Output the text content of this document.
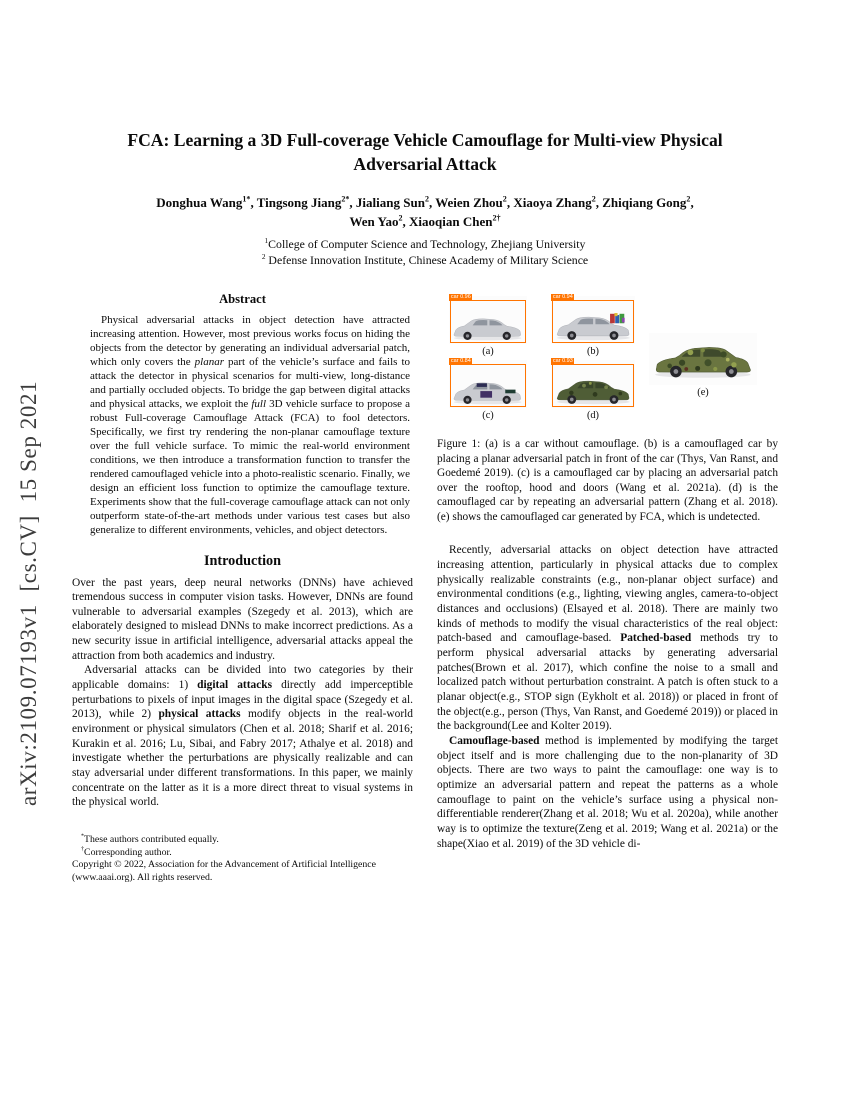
arXiv:2109.07193v1  [cs.CV]  15 Sep 2021
FCA: Learning a 3D Full-coverage Vehicle Camouflage for Multi-view Physical
Adversarial Attack
Donghua Wang$^{1*}$, Tingsong Jiang$^{2*}$, Jialiang Sun$^2$, Weien Zhou$^2$, Xiaoya Zhang$^2$, Zhiqiang Gong$^2$,
Wen Yao$^2$, Xiaoqian Chen$^{2\dagger}$
$^1$College of Computer Science and Technology, Zhejiang University
$^2$ Defense Innovation Institute, Chinese Academy of Military Science
Abstract

Physical adversarial attacks in object detection have attracted increasing attention. However, most previous works focus on hiding the objects from the detector by generating an individual adversarial patch, which only covers the planar part of the vehicle’s surface and fails to attack the detector in physical scenarios for multi-view, long-distance and partially occluded objects. To bridge the gap between digital attacks and physical attacks, we exploit the full 3D vehicle surface to propose a robust Full-coverage Camouflage Attack (FCA) to fool detectors. Specifically, we first try rendering the non-planar camouflage texture over the full vehicle surface. To mimic the real-world environment conditions, we then introduce a transformation function to transfer the rendered camouflaged vehicle into a photo-realistic scenario. Finally, we design an efficient loss function to optimize the camouflage texture. Experiments show that the full-coverage camouflage attack can not only outperform state-of-the-art methods under various test cases but also generalize to different environments, vehicles, and object detectors.

Introduction

Over the past years, deep neural networks (DNNs) have achieved tremendous success in computer vision tasks. However, DNNs are found vulnerable to adversarial examples (Szegedy et al. 2013), which are elaborately designed to mislead DNNs to make incorrect predictions. As a new security issue in artificial intelligence, adversarial attacks appeal the attraction from both academics and industry.

Adversarial attacks can be divided into two categories by their applicable domains: 1) digital attacks directly add imperceptible perturbations to pixels of input images in the digital space (Szegedy et al. 2013), while 2) physical attacks modify objects in the real-world environment or physical simulators (Chen et al. 2018; Sharif et al. 2016; Kurakin et al. 2016; Lu, Sibai, and Fabry 2017; Athalye et al. 2018) and investigate whether the perturbations are physically realizable and can stay adversarial under different transformations. In this paper, we mainly concentrate on the latter as it is a more direct threat to visual systems in the physical world.

*These authors contributed equally.
†Corresponding author.
Copyright © 2022, Association for the Advancement of Artificial Intelligence (www.aaai.org). All rights reserved.
car 0.96
(a)
car 0.94
(b)
car 0.84
(c)
car 0.93
(d)
(e)
Figure 1: (a) is a car without camouflage. (b) is a camouflaged car by placing a planar adversarial patch in front of the car (Thys, Van Ranst, and Goedemé 2019). (c) is a camouflaged car by placing an adversarial patch over the rooftop, hood and doors (Wang et al. 2021a). (d) is the camouflaged car by repeating an adversarial pattern (Zhang et al. 2018). (e) shows the camouflaged car generated by FCA, which is undetected.

Recently, adversarial attacks on object detection have attracted increasing attention, particularly in physical attacks due to complex physically realizable constraints (e.g., non-planar object surface) and environmental conditions (e.g., lighting, viewing angles, camera-to-object distances and occlusions) (Elsayed et al. 2018). There are mainly two kinds of methods to modify the visual characteristics of the real object: patch-based and camouflage-based. Patched-based methods try to perform physical adversarial attacks by generating adversarial patches(Brown et al. 2017), which confine the noise to a small and localized patch without perturbation constraint. A patch is often stuck to a planar object(e.g., STOP sign (Eykholt et al. 2018)) or placed in front of the object(e.g., person (Thys, Van Ranst, and Goedemé 2019)) or placed in the background(Lee and Kolter 2019).

Camouflage-based method is implemented by modifying the target object itself and is more challenging due to the non-planarity of 3D objects. There are two ways to paint the camouflage: one way is to optimize an adversarial pattern and repeat the patterns as a whole camouflage to paint on the vehicle’s surface using a physical non-differentiable renderer(Zhang et al. 2018; Wu et al. 2020a), while another way is to optimize the texture(Zeng et al. 2019; Wang et al. 2021a) or the shape(Xiao et al. 2019) of the 3D vehicle di-
